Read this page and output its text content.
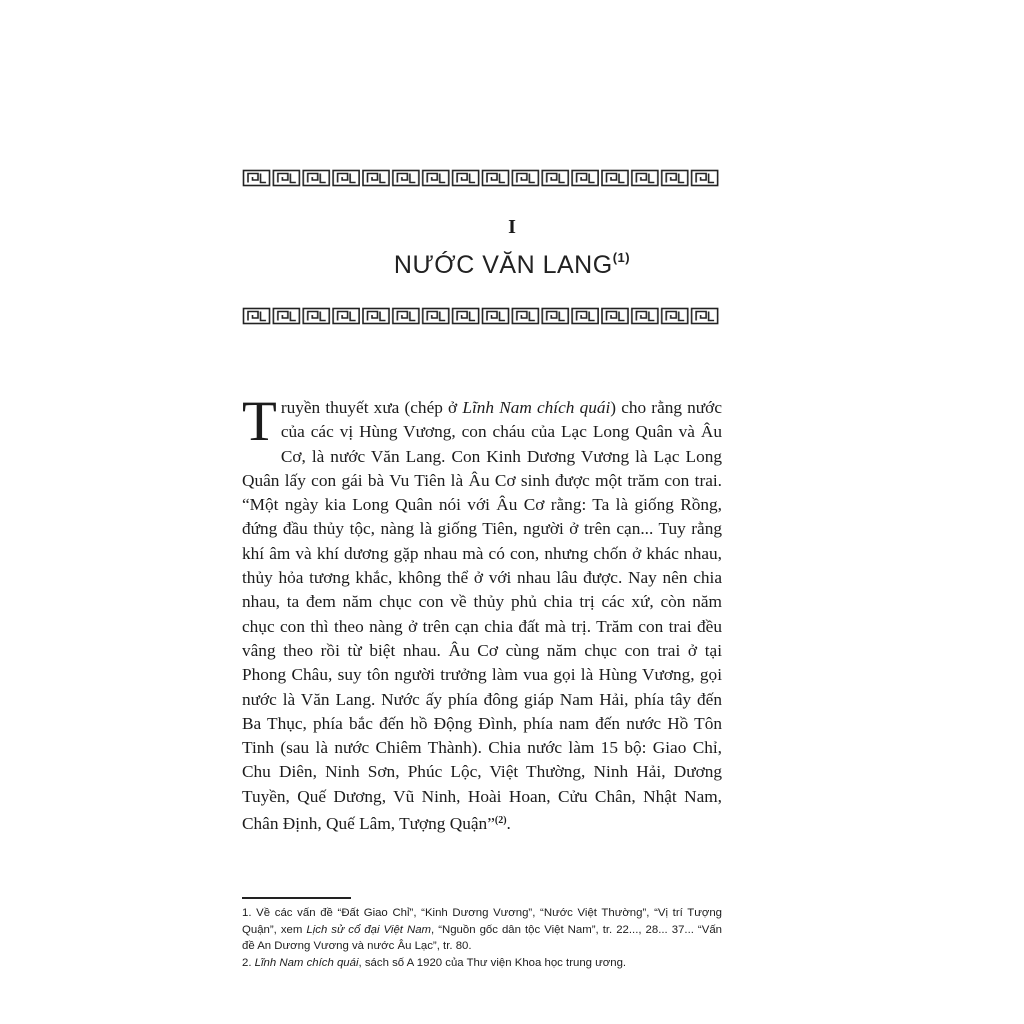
I
NƯỚC VĂN LANG$^{(1)}$

Truyền thuyết xưa (chép ở Lĩnh Nam chích quái) cho rằng nước của các vị Hùng Vương, con cháu của Lạc Long Quân và Âu Cơ, là nước Văn Lang. Con Kinh Dương Vương là Lạc Long Quân lấy con gái bà Vu Tiên là Âu Cơ sinh được một trăm con trai. “Một ngày kia Long Quân nói với Âu Cơ rằng: Ta là giống Rồng, đứng đầu thủy tộc, nàng là giống Tiên, người ở trên cạn... Tuy rằng khí âm và khí dương gặp nhau mà có con, nhưng chốn ở khác nhau, thủy hỏa tương khắc, không thể ở với nhau lâu được. Nay nên chia nhau, ta đem năm chục con về thủy phủ chia trị các xứ, còn năm chục con thì theo nàng ở trên cạn chia đất mà trị. Trăm con trai đều vâng theo rồi từ biệt nhau. Âu Cơ cùng năm chục con trai ở tại Phong Châu, suy tôn người trưởng làm vua gọi là Hùng Vương, gọi nước là Văn Lang. Nước ấy phía đông giáp Nam Hải, phía tây đến Ba Thục, phía bắc đến hồ Động Đình, phía nam đến nước Hồ Tôn Tinh (sau là nước Chiêm Thành). Chia nước làm 15 bộ: Giao Chỉ, Chu Diên, Ninh Sơn, Phúc Lộc, Việt Thường, Ninh Hải, Dương Tuyền, Quế Dương, Vũ Ninh, Hoài Hoan, Cửu Chân, Nhật Nam, Chân Định, Quế Lâm, Tượng Quận”$^{(2)}$.

1. Về các vấn đề “Đất Giao Chỉ”, “Kinh Dương Vương”, “Nước Việt Thường”, “Vị trí Tượng Quận”, xem Lịch sử cổ đại Việt Nam, “Nguồn gốc dân tộc Việt Nam”, tr. 22..., 28... 37... “Vấn đề An Dương Vương và nước Âu Lạc”, tr. 80.

2. Lĩnh Nam chích quái, sách số A 1920 của Thư viện Khoa học trung ương.
